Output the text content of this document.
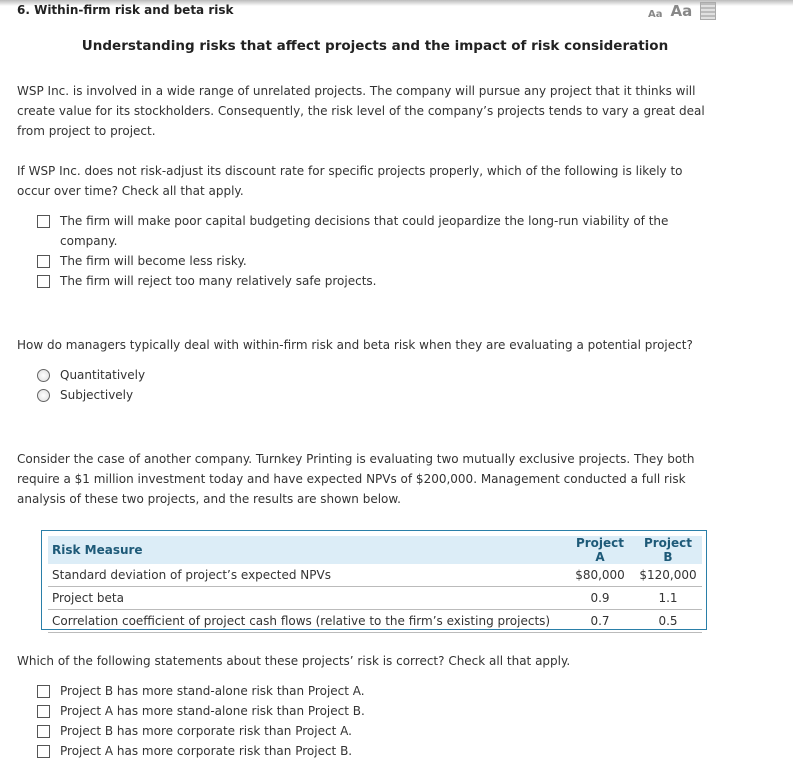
6. Within-firm risk and beta risk	Aa Aa
Understanding risks that affect projects and the impact of risk consideration

WSP Inc. is involved in a wide range of unrelated projects. The company will pursue any project that it thinks will create value for its stockholders. Consequently, the risk level of the company’s projects tends to vary a great deal from project to project.

If WSP Inc. does not risk-adjust its discount rate for specific projects properly, which of the following is likely to occur over time? Check all that apply.

The firm will make poor capital budgeting decisions that could jeopardize the long-run viability of the company.
The firm will become less risky.
The firm will reject too many relatively safe projects.

How do managers typically deal with within-firm risk and beta risk when they are evaluating a potential project?

Quantitatively
Subjectively

Consider the case of another company. Turnkey Printing is evaluating two mutually exclusive projects. They both require a $1 million investment today and have expected NPVs of $200,000. Management conducted a full risk analysis of these two projects, and the results are shown below.

Risk Measure	Project A	Project B
Standard deviation of project’s expected NPVs	$80,000	$120,000
Project beta	0.9	1.1
Correlation coefficient of project cash flows (relative to the firm’s existing projects)	0.7	0.5

Which of the following statements about these projects’ risk is correct? Check all that apply.

Project B has more stand-alone risk than Project A.
Project A has more stand-alone risk than Project B.
Project B has more corporate risk than Project A.
Project A has more corporate risk than Project B.
